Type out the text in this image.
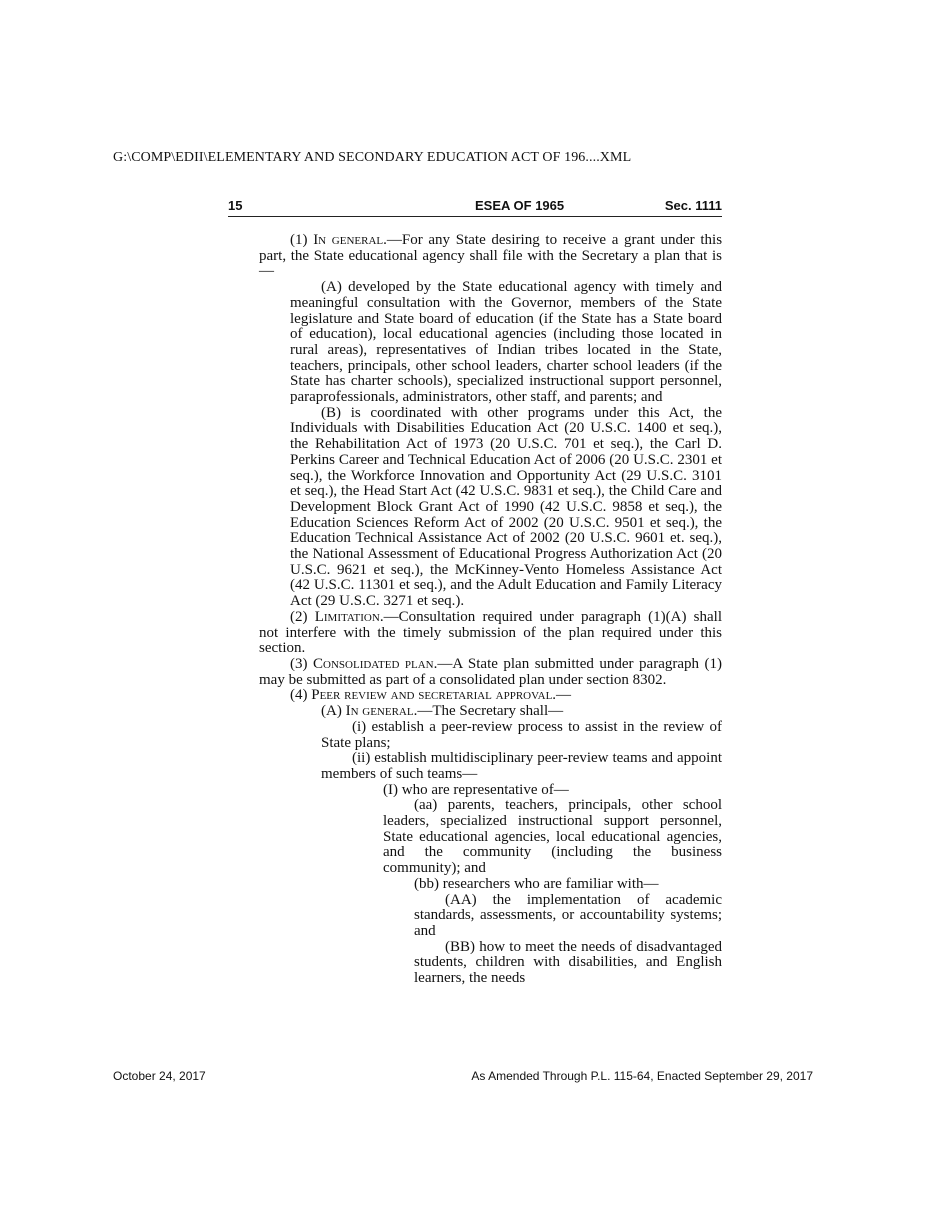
G:\COMP\EDII\ELEMENTARY AND SECONDARY EDUCATION ACT OF 196....XML
15	ESEA OF 1965	Sec. 1111

(1) In general.—For any State desiring to receive a grant under this part, the State educational agency shall file with the Secretary a plan that is—

(A) developed by the State educational agency with timely and meaningful consultation with the Governor, members of the State legislature and State board of education (if the State has a State board of education), local educational agencies (including those located in rural areas), representatives of Indian tribes located in the State, teachers, principals, other school leaders, charter school leaders (if the State has charter schools), specialized instructional support personnel, paraprofessionals, administrators, other staff, and parents; and

(B) is coordinated with other programs under this Act, the Individuals with Disabilities Education Act (20 U.S.C. 1400 et seq.), the Rehabilitation Act of 1973 (20 U.S.C. 701 et seq.), the Carl D. Perkins Career and Technical Education Act of 2006 (20 U.S.C. 2301 et seq.), the Workforce Innovation and Opportunity Act (29 U.S.C. 3101 et seq.), the Head Start Act (42 U.S.C. 9831 et seq.), the Child Care and Development Block Grant Act of 1990 (42 U.S.C. 9858 et seq.), the Education Sciences Reform Act of 2002 (20 U.S.C. 9501 et seq.), the Education Technical Assistance Act of 2002 (20 U.S.C. 9601 et. seq.), the National Assessment of Educational Progress Authorization Act (20 U.S.C. 9621 et seq.), the McKinney-Vento Homeless Assistance Act (42 U.S.C. 11301 et seq.), and the Adult Education and Family Literacy Act (29 U.S.C. 3271 et seq.).

(2) Limitation.—Consultation required under paragraph (1)(A) shall not interfere with the timely submission of the plan required under this section.

(3) Consolidated plan.—A State plan submitted under paragraph (1) may be submitted as part of a consolidated plan under section 8302.

(4) Peer review and secretarial approval.—

(A) In general.—The Secretary shall—

(i) establish a peer-review process to assist in the review of State plans;

(ii) establish multidisciplinary peer-review teams and appoint members of such teams—

(I) who are representative of—

(aa) parents, teachers, principals, other school leaders, specialized instructional support personnel, State educational agencies, local educational agencies, and the community (including the business community); and

(bb) researchers who are familiar with—

(AA) the implementation of academic standards, assessments, or accountability systems; and

(BB) how to meet the needs of disadvantaged students, children with disabilities, and English learners, the needs

October 24, 2017	As Amended Through P.L. 115-64, Enacted September 29, 2017
